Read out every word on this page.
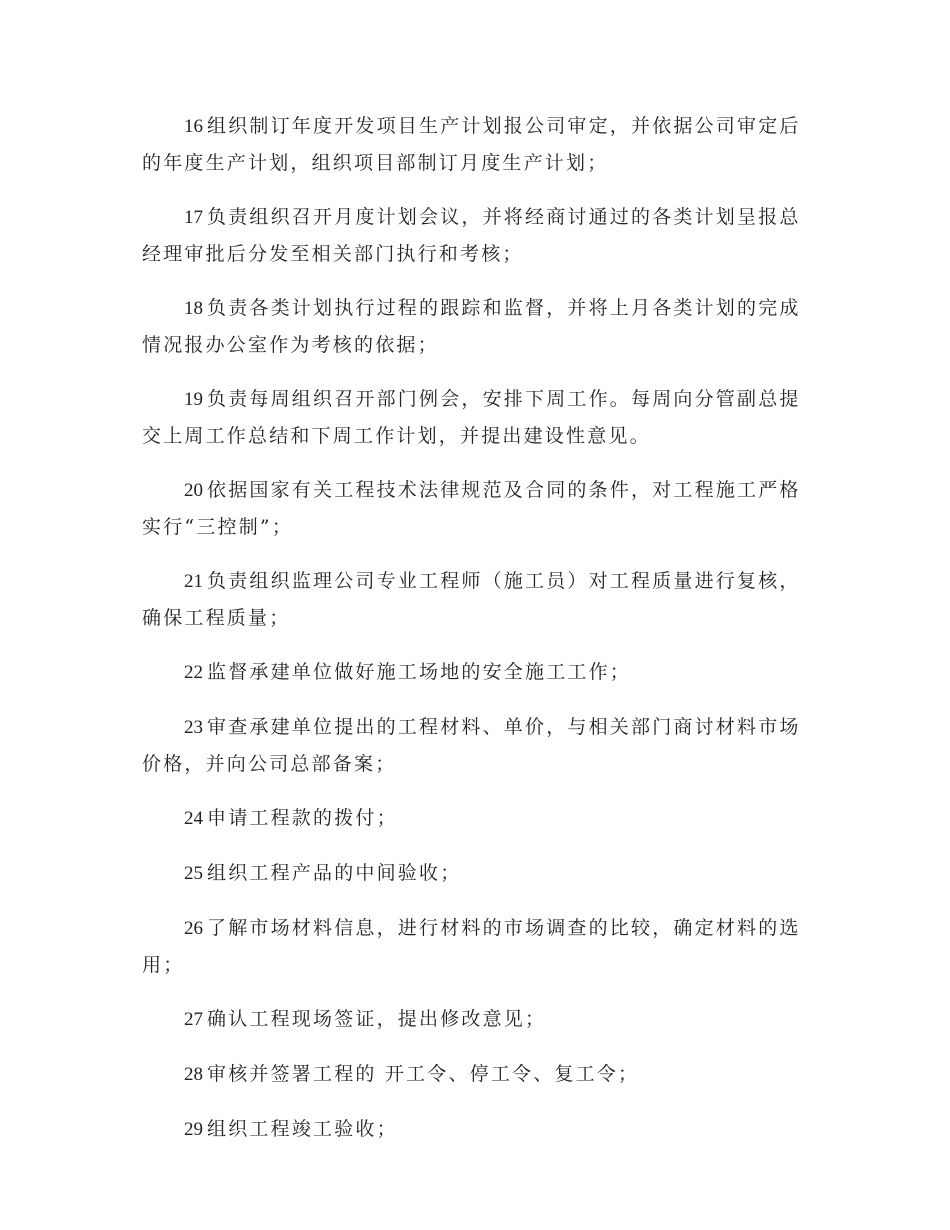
16 组织制订年度开发项目生产计划报公司审定，并依据公司审定后的年度生产计划，组织项目部制订月度生产计划；

17 负责组织召开月度计划会议，并将经商讨通过的各类计划呈报总经理审批后分发至相关部门执行和考核；

18 负责各类计划执行过程的跟踪和监督，并将上月各类计划的完成情况报办公室作为考核的依据；

19 负责每周组织召开部门例会，安排下周工作。每周向分管副总提交上周工作总结和下周工作计划，并提出建设性意见。

20 依据国家有关工程技术法律规范及合同的条件，对工程施工严格实行“三控制”；

21 负责组织监理公司专业工程师（施工员）对工程质量进行复核，确保工程质量；

22 监督承建单位做好施工场地的安全施工工作；

23 审查承建单位提出的工程材料、单价，与相关部门商讨材料市场价格，并向公司总部备案；

24 申请工程款的拨付；

25 组织工程产品的中间验收；

26 了解市场材料信息，进行材料的市场调查的比较，确定材料的选用；

27 确认工程现场签证，提出修改意见；

28 审核并签署工程的 开工令、停工令、复工令；

29 组织工程竣工验收；
